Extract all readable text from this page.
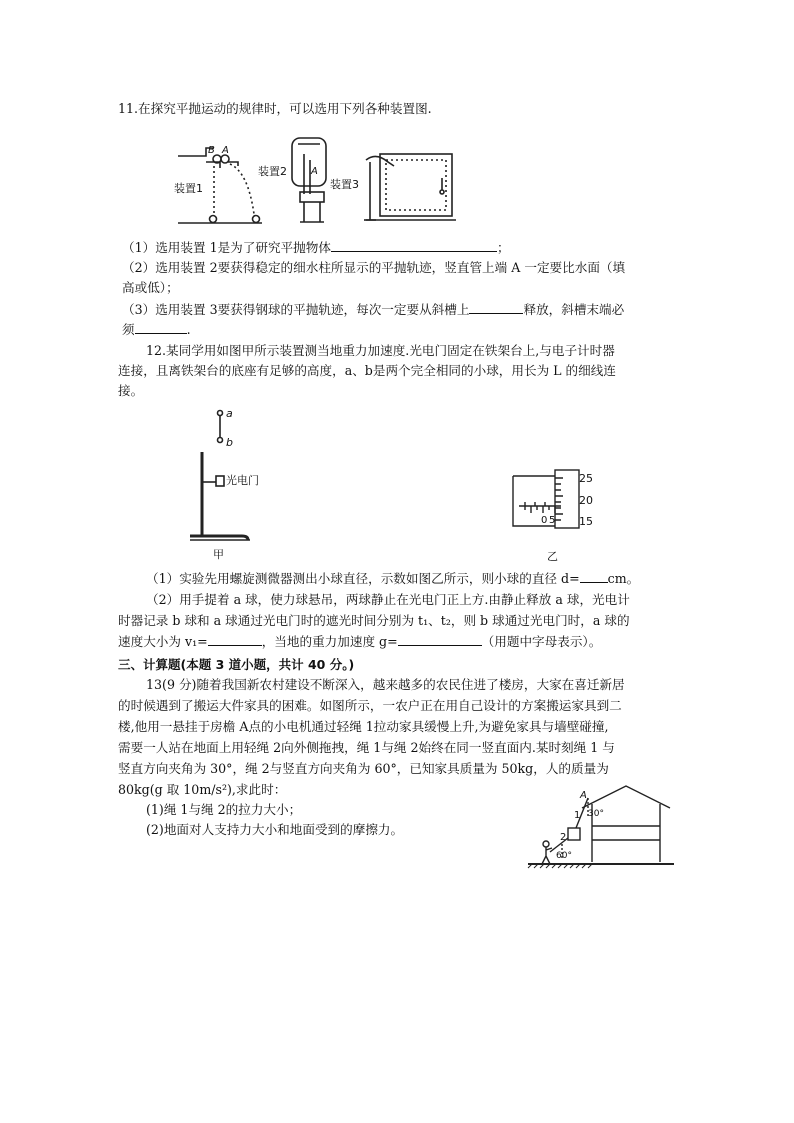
11.在探究平抛运动的规律时，可以选用下列各种装置图.
装置1
装置2
装置3
B A
A
（1）选用装置 1是为了研究平抛物体	；
（2）选用装置 2要获得稳定的细水柱所显示的平抛轨迹，竖直管上端 A 一定要比水面（填
高或低）；
（3）选用装置 3要获得钢球的平抛轨迹，每次一定要从斜槽上	释放，斜槽末端必
须	.
12.某同学用如图甲所示装置测当地重力加速度.光电门固定在铁架台上,与电子计时器
连接，且离铁架台的底座有足够的高度，a、b是两个完全相同的小球，用长为 L 的细线连
接。
a
b
光电门
甲
0 5
25
20
15
乙
（1）实验先用螺旋测微器测出小球直径，示数如图乙所示，则小球的直径 d= cm。
（2）用手提着 a 球，使力球悬吊，两球静止在光电门正上方.由静止释放 a 球，光电计
时器记录 b 球和 a 球通过光电门时的遮光时间分别为 t₁、t₂，则 b 球通过光电门时，a 球的
速度大小为 v₁=	，当地的重力加速度 g=	（用题中字母表示）。
三、计算题(本题 3 道小题，共计 40 分。)
13(9 分)随着我国新农村建设不断深入，越来越多的农民住进了楼房，大家在喜迁新居
的时候遇到了搬运大件家具的困难。如图所示，一农户正在用自己设计的方案搬运家具到二
楼,他用一悬挂于房檐 A点的小电机通过轻绳 1拉动家具缓慢上升,为避免家具与墙壁碰撞,
需要一人站在地面上用轻绳 2向外侧拖拽，绳 1与绳 2始终在同一竖直面内.某时刻绳 1 与
竖直方向夹角为 30°，绳 2与竖直方向夹角为 60°，已知家具质量为 50kg，人的质量为
80kg(g 取 10m/s²),求此时：
(1)绳 1与绳 2的拉力大小；
(2)地面对人支持力大小和地面受到的摩擦力。
A
1
2
30°
60°
